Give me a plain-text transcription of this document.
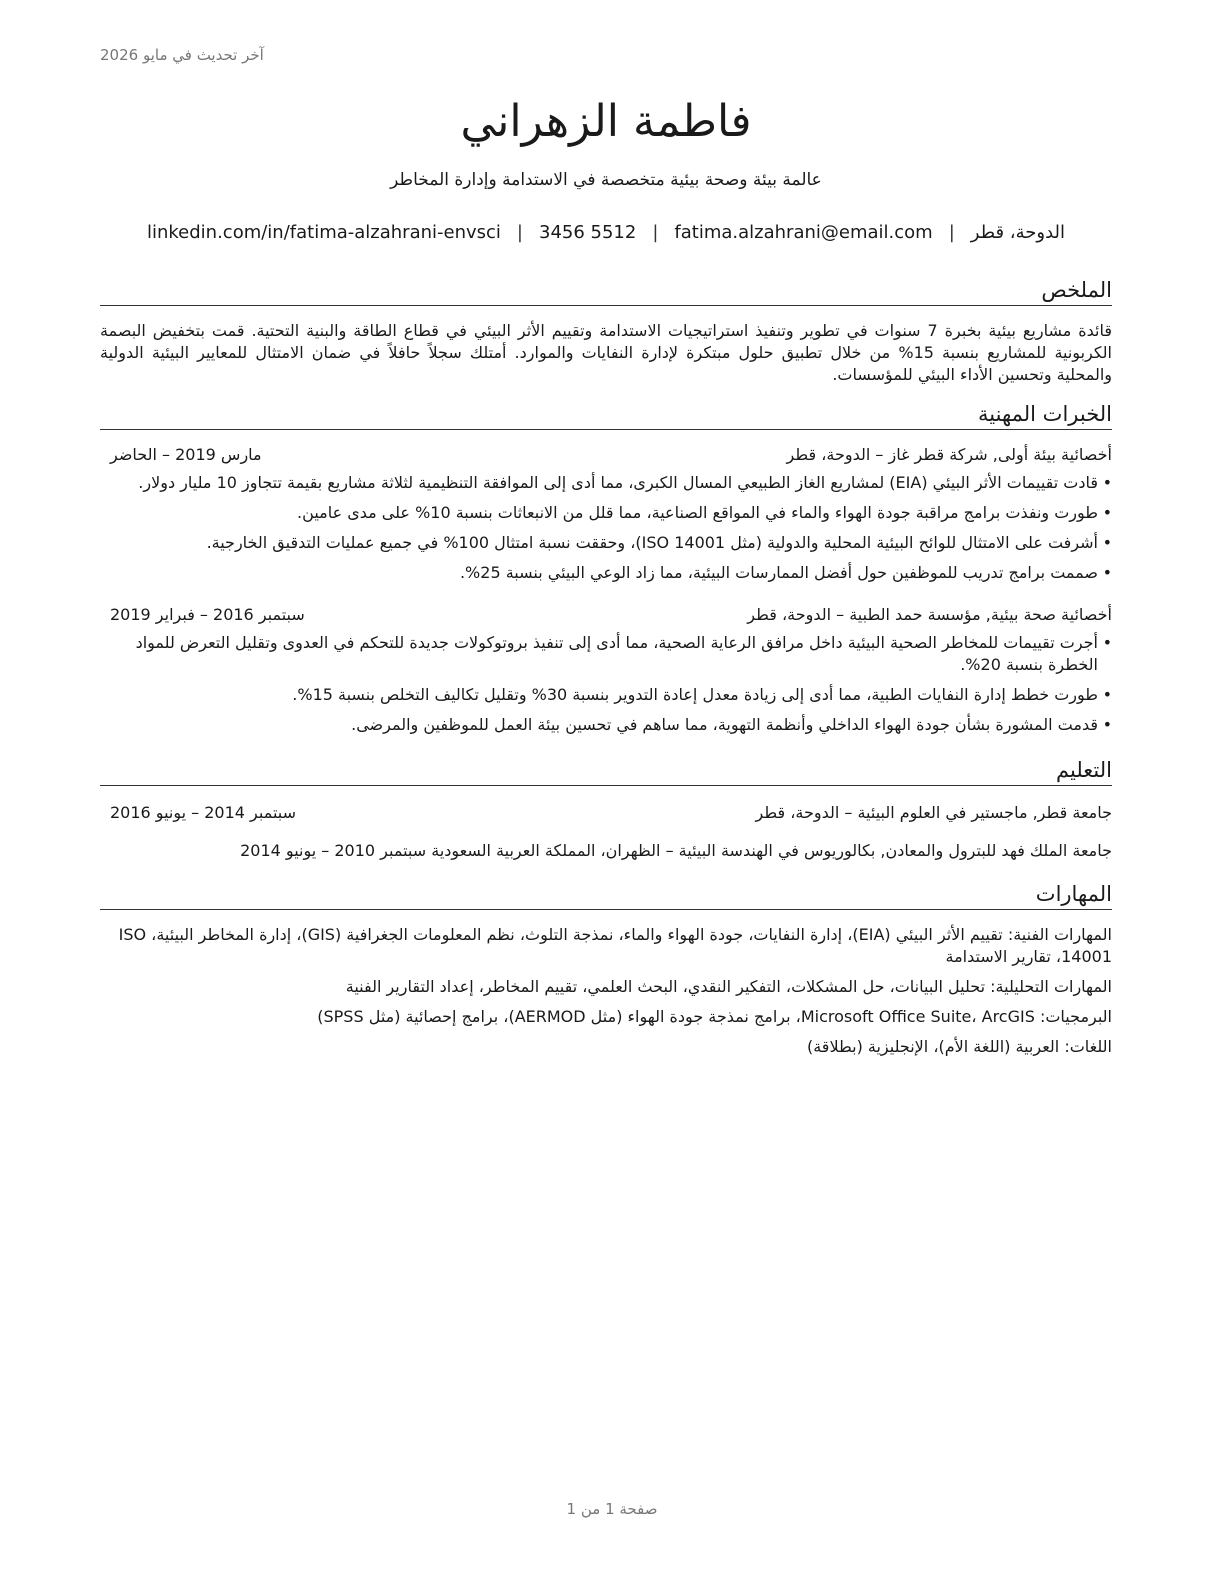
آخر تحديث في مايو 2026
فاطمة الزهراني
عالمة بيئة وصحة بيئية متخصصة في الاستدامة وإدارة المخاطر
الدوحة، قطر
|
fatima.alzahrani@email.com
|
3456 5512
|
linkedin.com/in/fatima-alzahrani-envsci
الملخص

قائدة مشاريع بيئية بخبرة 7 سنوات في تطوير وتنفيذ استراتيجيات الاستدامة وتقييم الأثر البيئي في قطاع الطاقة والبنية التحتية. قمت بتخفيض البصمة الكربونية للمشاريع بنسبة 15% من خلال تطبيق حلول مبتكرة لإدارة النفايات والموارد. أمتلك سجلاً حافلاً في ضمان الامتثال للمعايير البيئية الدولية والمحلية وتحسين الأداء البيئي للمؤسسات.

الخبرات المهنية
أخصائية بيئة أولى, شركة قطر غاز – الدوحة، قطر
مارس 2019 – الحاضر
• قادت تقييمات الأثر البيئي (EIA) لمشاريع الغاز الطبيعي المسال الكبرى، مما أدى إلى الموافقة التنظيمية لثلاثة مشاريع بقيمة تتجاوز 10 مليار دولار.
• طورت ونفذت برامج مراقبة جودة الهواء والماء في المواقع الصناعية، مما قلل من الانبعاثات بنسبة 10% على مدى عامين.
• أشرفت على الامتثال للوائح البيئية المحلية والدولية (مثل ISO 14001)، وحققت نسبة امتثال 100% في جميع عمليات التدقيق الخارجية.
• صممت برامج تدريب للموظفين حول أفضل الممارسات البيئية، مما زاد الوعي البيئي بنسبة 25%.
أخصائية صحة بيئية, مؤسسة حمد الطبية – الدوحة، قطر
سبتمبر 2016 – فبراير 2019
• أجرت تقييمات للمخاطر الصحية البيئية داخل مرافق الرعاية الصحية، مما أدى إلى تنفيذ بروتوكولات جديدة للتحكم في العدوى وتقليل التعرض للمواد الخطرة بنسبة 20%.
• طورت خطط إدارة النفايات الطبية، مما أدى إلى زيادة معدل إعادة التدوير بنسبة 30% وتقليل تكاليف التخلص بنسبة 15%.
• قدمت المشورة بشأن جودة الهواء الداخلي وأنظمة التهوية، مما ساهم في تحسين بيئة العمل للموظفين والمرضى.
التعليم
جامعة قطر, ماجستير في العلوم البيئية – الدوحة، قطر
سبتمبر 2014 – يونيو 2016
جامعة الملك فهد للبترول والمعادن, بكالوريوس في الهندسة البيئية – الظهران، المملكة العربية السعودية سبتمبر 2010 – يونيو 2014
المهارات
المهارات الفنية: تقييم الأثر البيئي (EIA)، إدارة النفايات، جودة الهواء والماء، نمذجة التلوث، نظم المعلومات الجغرافية (GIS)، إدارة المخاطر البيئية، ISO 14001، تقارير الاستدامة
المهارات التحليلية: تحليل البيانات، حل المشكلات، التفكير النقدي، البحث العلمي، تقييم المخاطر، إعداد التقارير الفنية
البرمجيات: Microsoft Office Suite، ArcGIS، برامج نمذجة جودة الهواء (مثل AERMOD)، برامج إحصائية (مثل SPSS)
اللغات: العربية (اللغة الأم)، الإنجليزية (بطلاقة)
صفحة 1 من 1
